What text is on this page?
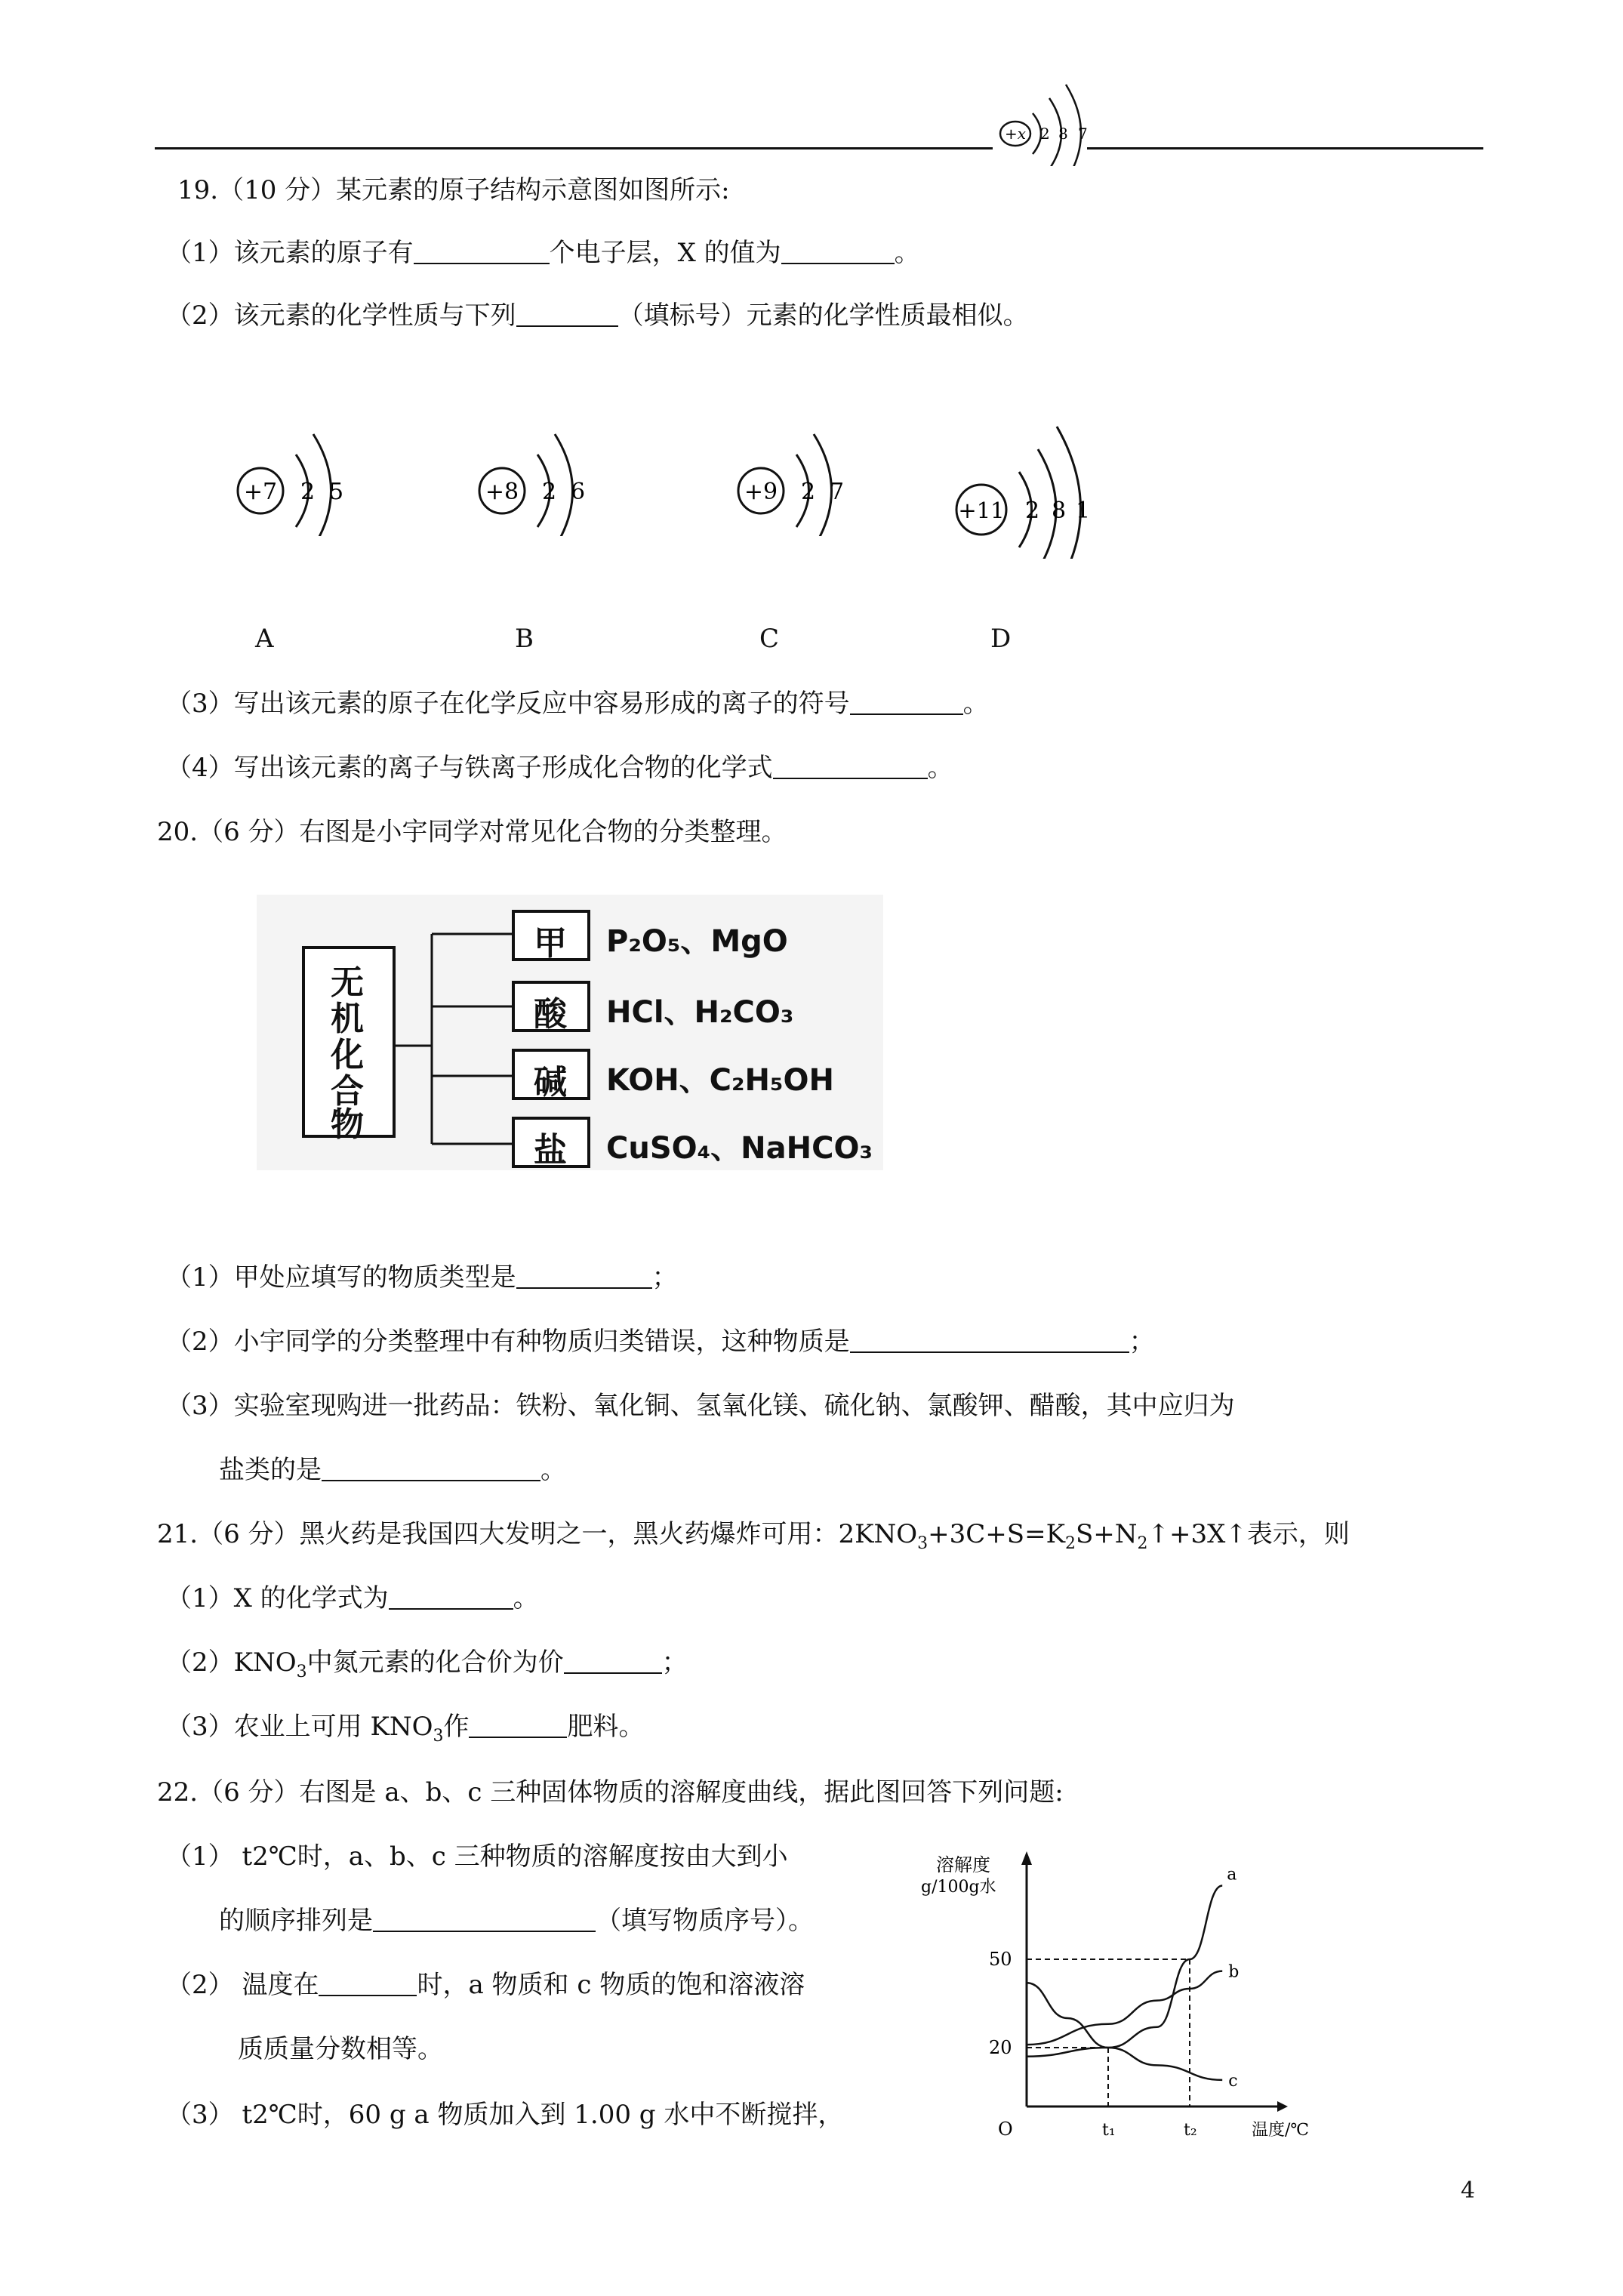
+x 2 8 7
19.（10 分）某元素的原子结构示意图如图所示:
（1）该元素的原子有	个电子层，X 的值为	。
（2）该元素的化学性质与下列	（填标号）元素的化学性质最相似。
+7 2 5	+8 2 6	+9 2 7
+11 2 8 1
A	B	C	D
（3）写出该元素的原子在化学反应中容易形成的离子的符号	。
（4）写出该元素的离子与铁离子形成化合物的化学式	。
20.（6 分）右图是小宇同学对常见化合物的分类整理。
无
机
化
合
物
甲
酸
碱
盐
P₂O₅、MgO
HCl、H₂CO₃
KOH、C₂H₅OH
CuSO₄、NaHCO₃
（1）甲处应填写的物质类型是	；
（2）小宇同学的分类整理中有种物质归类错误，这种物质是	；
（3）实验室现购进一批药品：铁粉、氧化铜、氢氧化镁、硫化钠、氯酸钾、醋酸，其中应归为
盐类的是	。
21.（6 分）黑火药是我国四大发明之一，黑火药爆炸可用：$2KNO_3+3C+S=K_2S+N_2↑+3X↑$表示，则
（1）X 的化学式为	。
$(2)KNO_3$中氮元素的化合价为价	；
（3）农业上可用 $KNO_3$作	肥料。
22.（6 分）右图是 a、b、c 三种固体物质的溶解度曲线，据此图回答下列问题:
（1） t2℃时，a、b、c 三种物质的溶解度按由大到小
的顺序排列是	（填写物质序号）。
（2） 温度在	时，a 物质和 c 物质的饱和溶液溶
质质量分数相等。
（3） t2℃时，60 g a 物质加入到 1.00 g 水中不断搅拌，
溶解度
g/100g水
温度/℃
O
50
20
t₁	t₂
a
b
c
4
